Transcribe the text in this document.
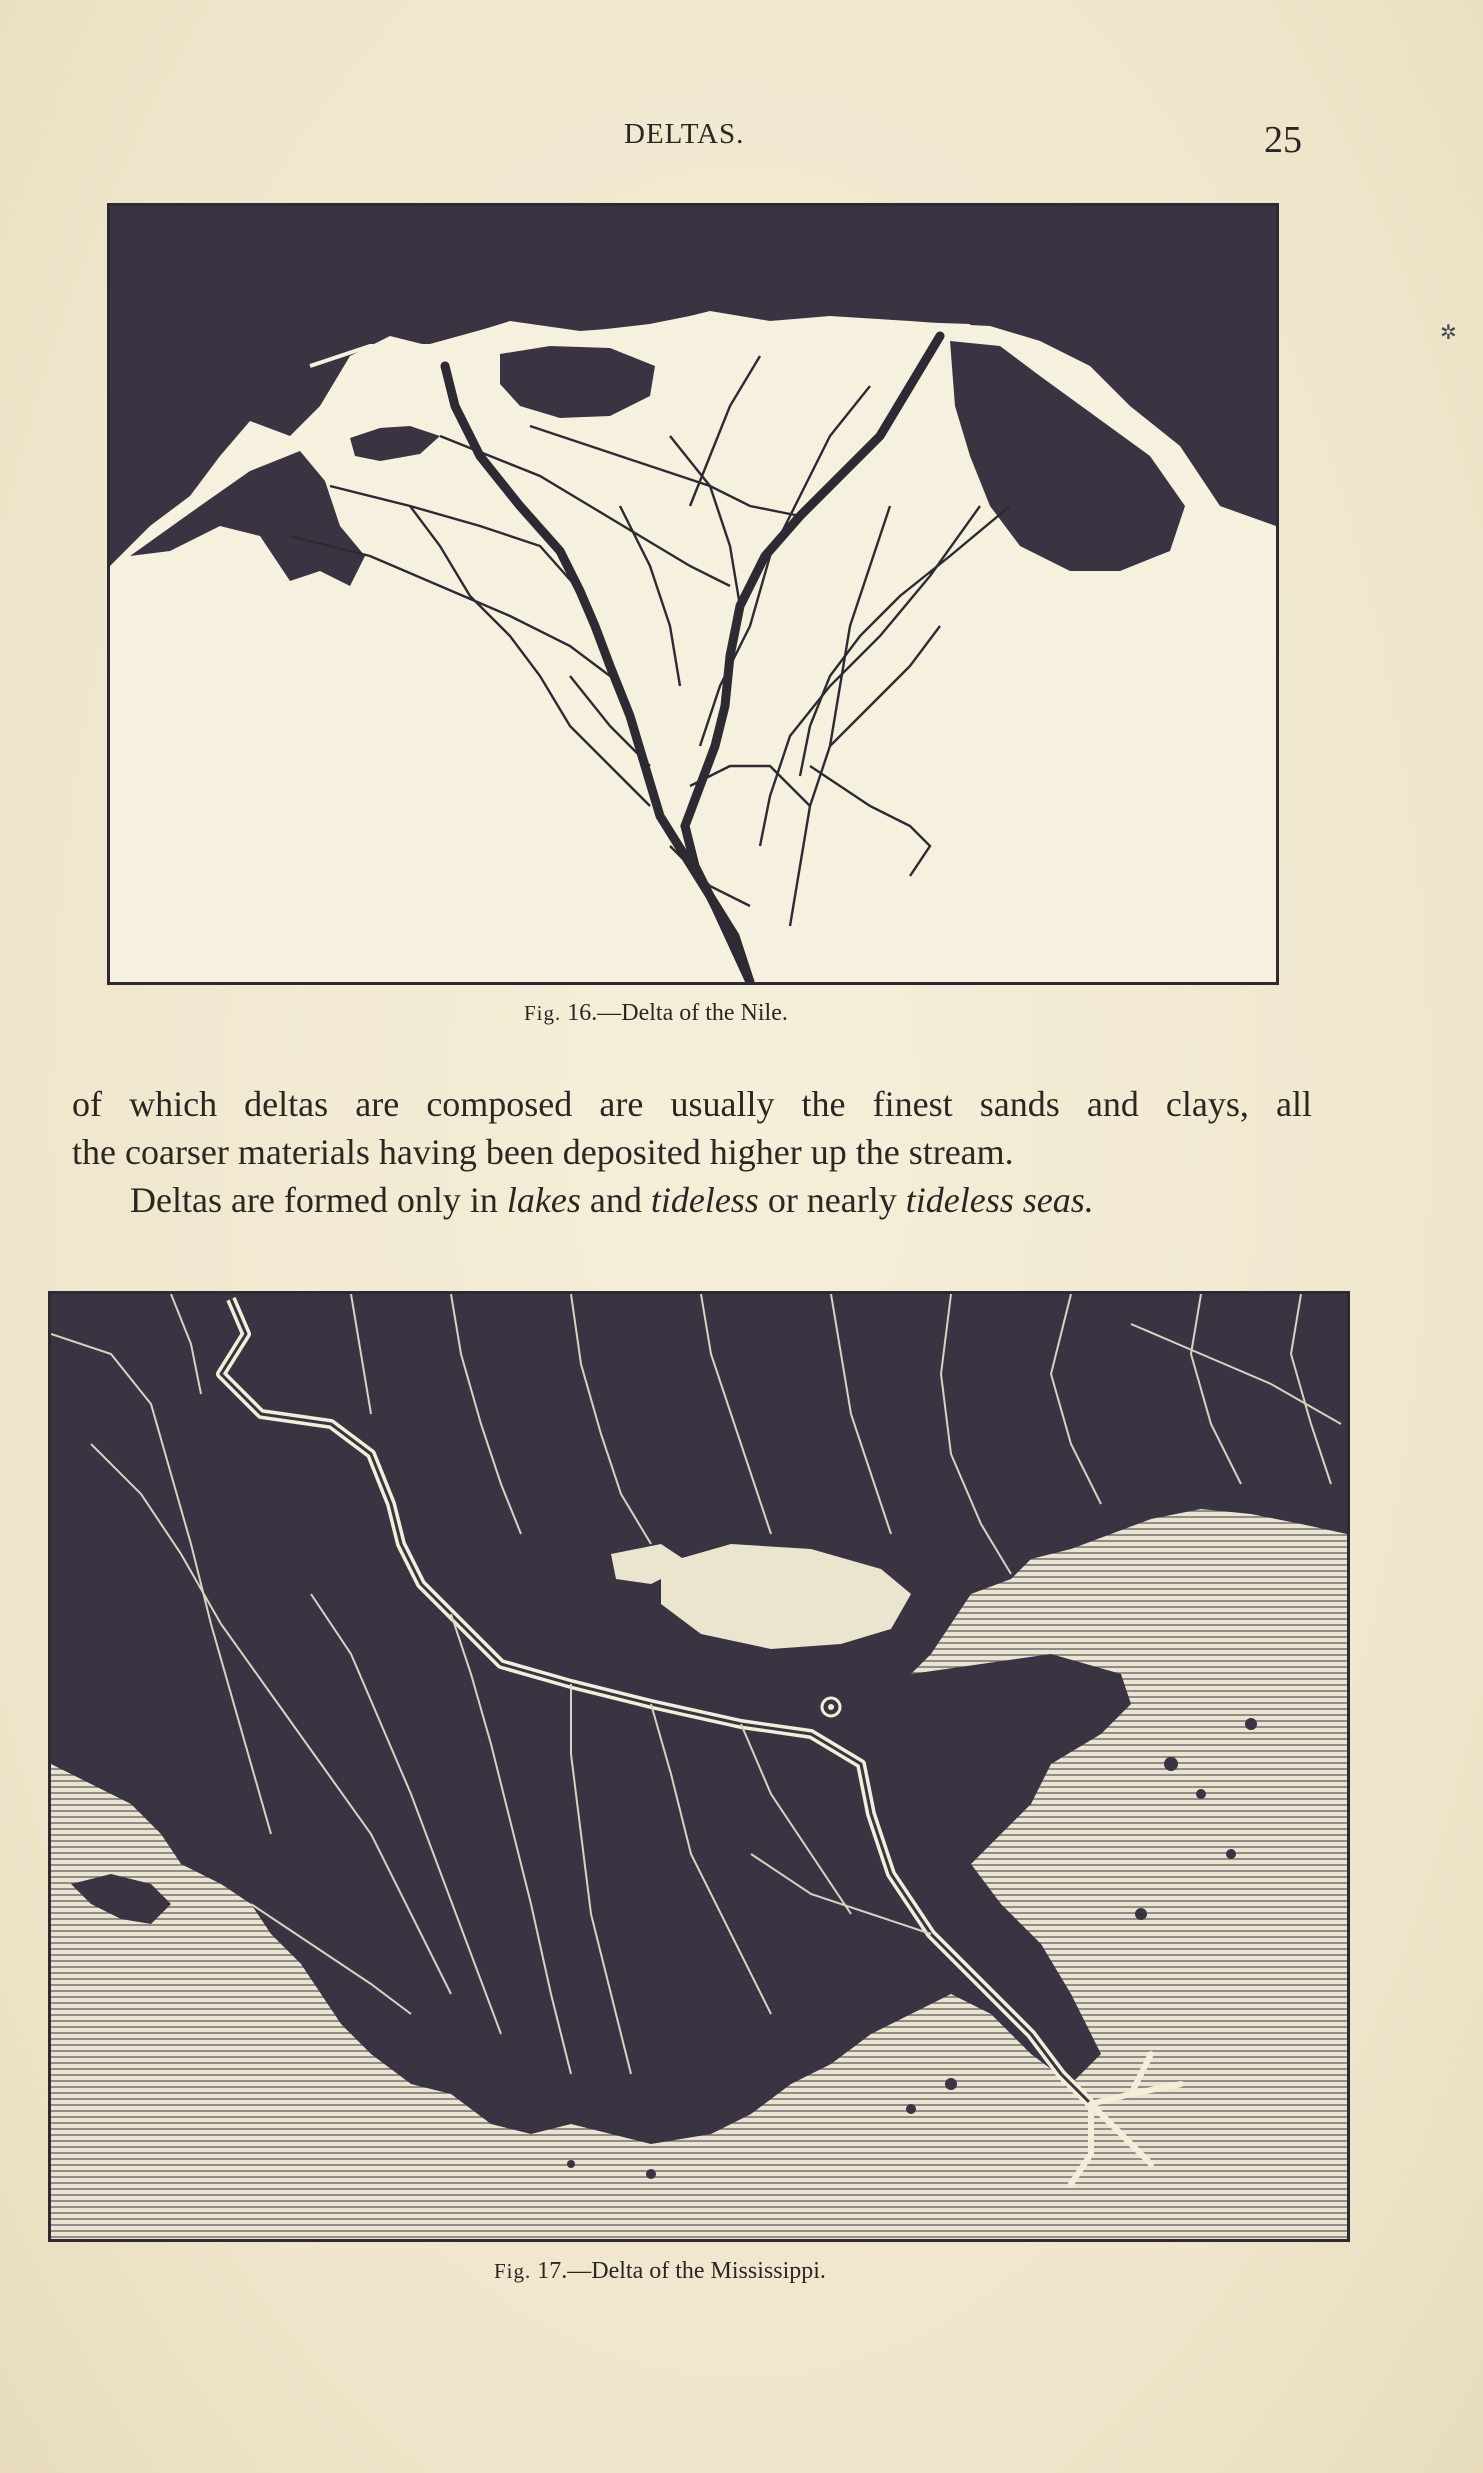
DELTAS.	25
Fig. 16.—Delta of the Nile.
of which deltas are composed are usually the finest sands and clays, all
the coarser materials having been deposited higher up the stream.
Deltas are formed only in lakes and tideless or nearly tideless seas.
Fig. 17.—Delta of the Mississippi.
✲
